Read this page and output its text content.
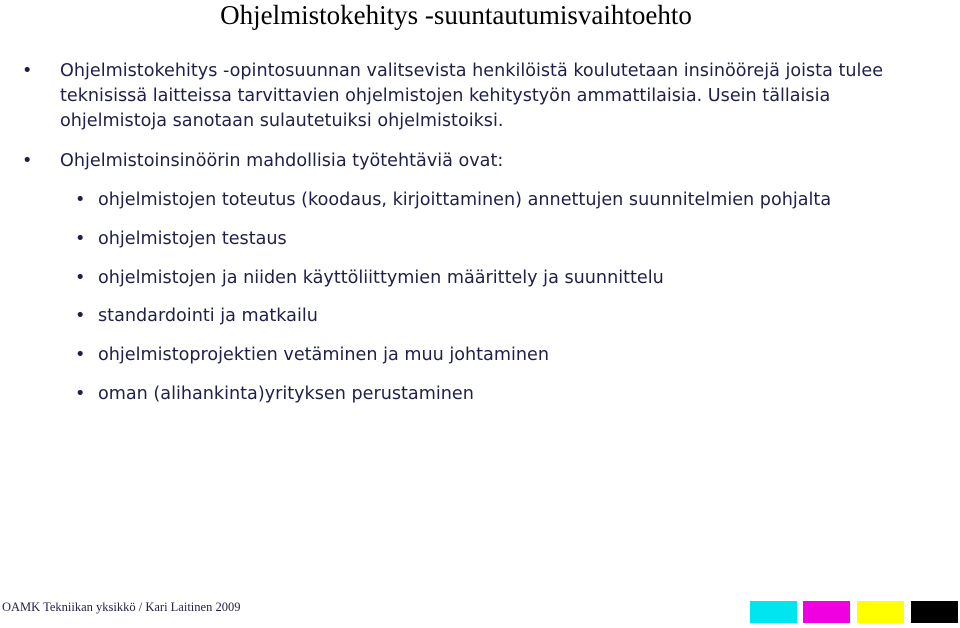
Ohjelmistokehitys -suuntautumisvaihtoehto
• Ohjelmistokehitys -opintosuunnan valitsevista henkilöistä koulutetaan insinöörejä joista tulee teknisissä laitteissa tarvittavien ohjelmistojen kehitystyön ammattilaisia. Usein tällaisia ohjelmistoja sanotaan sulautetuiksi ohjelmistoiksi.
• Ohjelmistoinsinöörin mahdollisia työtehtäviä ovat:
• ohjelmistojen toteutus (koodaus, kirjoittaminen) annettujen suunnitelmien pohjalta
• ohjelmistojen testaus
• ohjelmistojen ja niiden käyttöliittymien määrittely ja suunnittelu
• standardointi ja matkailu
• ohjelmistoprojektien vetäminen ja muu johtaminen
• oman (alihankinta)yrityksen perustaminen
OAMK Tekniikan yksikkö / Kari Laitinen 2009
